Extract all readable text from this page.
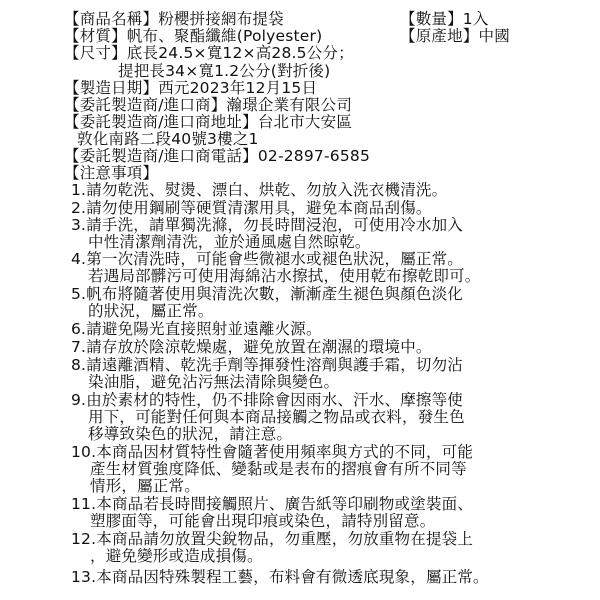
【商品名稱】粉櫻拼接網布提袋	【數量】1入
【材質】帆布、聚酯纖維(Polyester)	【原產地】中國
【尺寸】底長24.5×寬12×高28.5公分；
提把長34×寬1.2公分(對折後)
【製造日期】西元2023年12月15日
【委託製造商/進口商】瀚璟企業有限公司
【委託製造商/進口商地址】台北市大安區
敦化南路二段40號3樓之1
【委託製造商/進口商電話】02-2897-6585
【注意事項】
1.請勿乾洗、熨燙、漂白、烘乾、勿放入洗衣機清洗。
2.請勿使用鋼刷等硬質清潔用具，避免本商品刮傷。
3.請手洗，請單獨洗滌，勿長時間浸泡，可使用冷水加入
中性清潔劑清洗，並於通風處自然晾乾。
4.第一次清洗時，可能會些微褪水或褪色狀況，屬正常。
若遇局部髒污可使用海綿沾水擦拭，使用乾布擦乾即可。
5.帆布將隨著使用與清洗次數，漸漸產生褪色與顏色淡化
的狀況，屬正常。
6.請避免陽光直接照射並遠離火源。
7.請存放於陰涼乾燥處，避免放置在潮濕的環境中。
8.請遠離酒精、乾洗手劑等揮發性溶劑與護手霜，切勿沾
染油脂，避免沾污無法清除與變色。
9.由於素材的特性，仍不排除會因雨水、汗水、摩擦等使
用下，可能對任何與本商品接觸之物品或衣料，發生色
移導致染色的狀況，請注意。
10.本商品因材質特性會隨著使用頻率與方式的不同，可能
產生材質強度降低、變黏或是表布的摺痕會有所不同等
情形，屬正常。
11.本商品若長時間接觸照片、廣告紙等印刷物或塗裝面、
塑膠面等，可能會出現印痕或染色，請特別留意。
12.本商品請勿放置尖銳物品，勿重壓，勿放重物在提袋上
，避免變形或造成損傷。
13.本商品因特殊製程工藝，布料會有微透底現象，屬正常。
